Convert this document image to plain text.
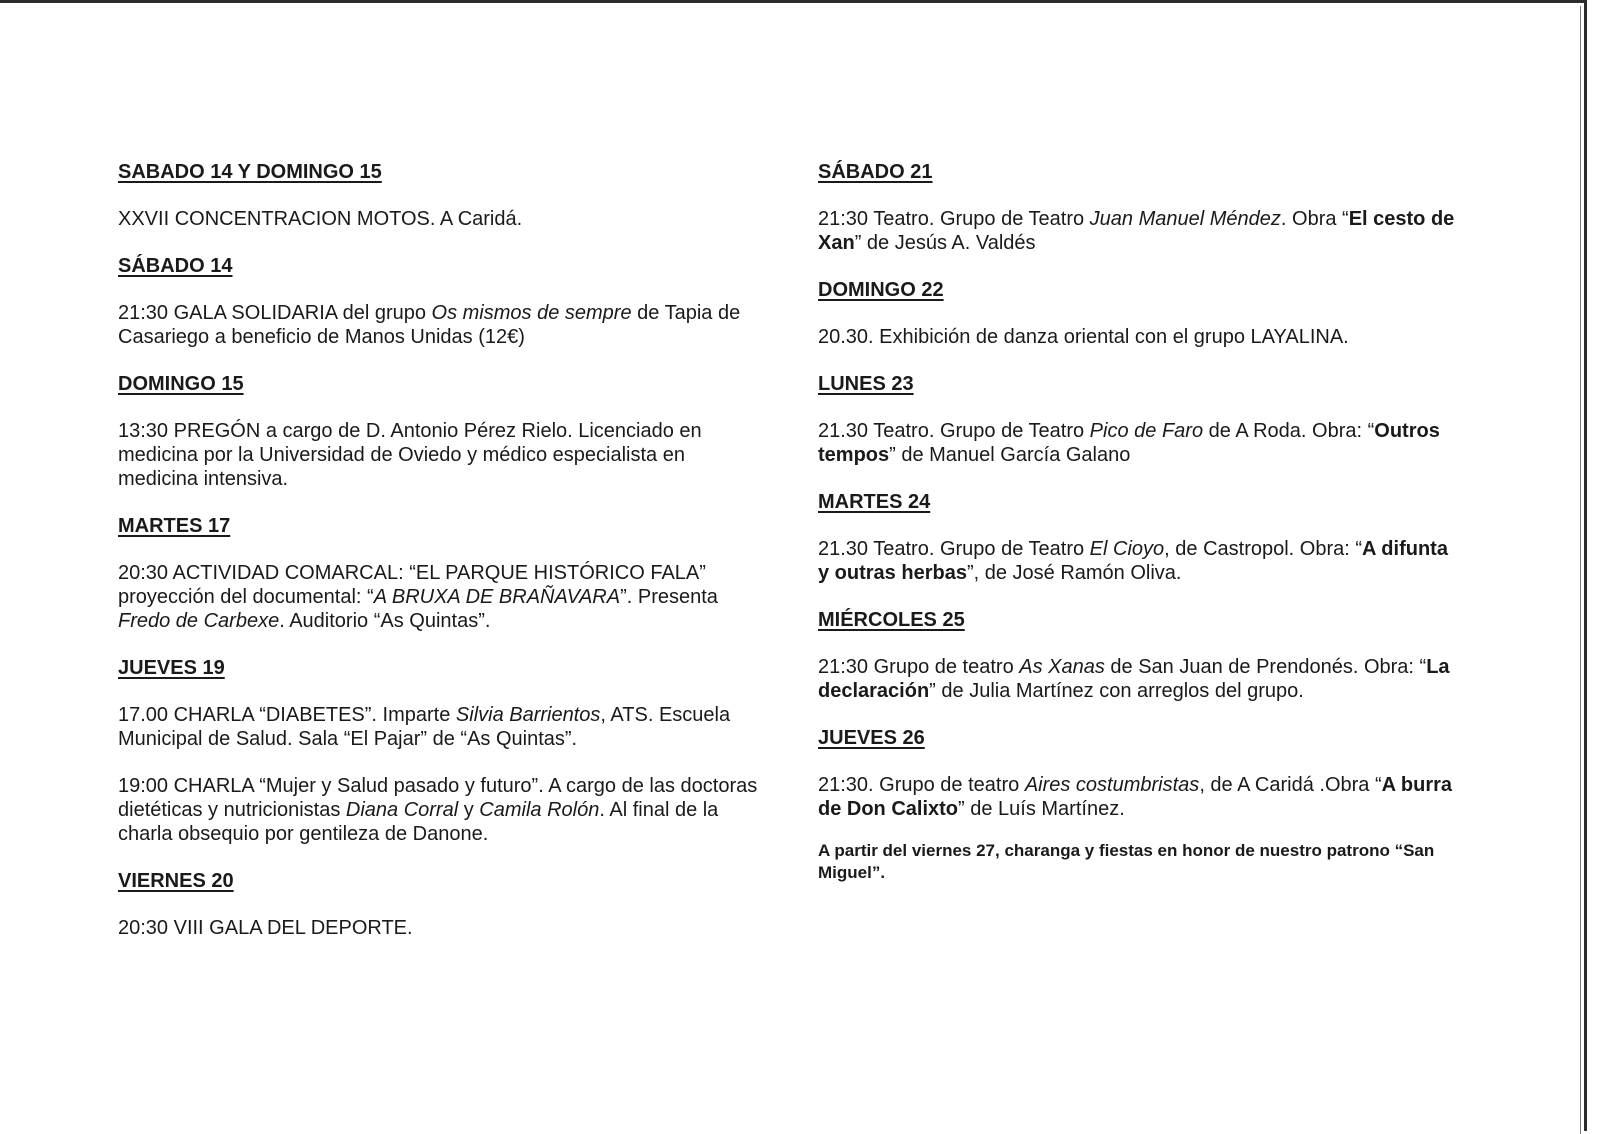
SABADO 14 Y DOMINGO 15
XXVII CONCENTRACION MOTOS. A Caridá.
SÁBADO 14
21:30 GALA SOLIDARIA del grupo Os mismos de sempre de Tapia de Casariego a beneficio de Manos Unidas (12€)
DOMINGO 15
13:30 PREGÓN a cargo de D. Antonio Pérez Rielo. Licenciado en medicina por la Universidad de Oviedo y médico especialista en medicina intensiva.
MARTES 17
20:30 ACTIVIDAD COMARCAL: “EL PARQUE HISTÓRICO FALA” proyección del documental: “A BRUXA DE BRAÑAVARA”. Presenta Fredo de Carbexe. Auditorio “As Quintas”.
JUEVES 19
17.00 CHARLA “DIABETES”. Imparte Silvia Barrientos, ATS. Escuela Municipal de Salud. Sala “El Pajar” de “As Quintas”.
19:00 CHARLA “Mujer y Salud pasado y futuro”. A cargo de las doctoras dietéticas y nutricionistas Diana Corral y Camila Rolón. Al final de la charla obsequio por gentileza de Danone.
VIERNES 20
20:30 VIII GALA DEL DEPORTE.
SÁBADO 21
21:30 Teatro. Grupo de Teatro Juan Manuel Méndez. Obra “El cesto de Xan” de Jesús A. Valdés
DOMINGO 22
20.30. Exhibición de danza oriental con el grupo LAYALINA.
LUNES 23
21.30 Teatro. Grupo de Teatro Pico de Faro de A Roda. Obra: “Outros tempos” de Manuel García Galano
MARTES 24
21.30 Teatro. Grupo de Teatro El Cioyo, de Castropol. Obra: “A difunta y outras herbas”, de José Ramón Oliva.
MIÉRCOLES 25
21:30 Grupo de teatro As Xanas de San Juan de Prendonés. Obra: “La declaración” de Julia Martínez con arreglos del grupo.
JUEVES 26
21:30. Grupo de teatro Aires costumbristas, de A Caridá .Obra “A burra de Don Calixto” de Luís Martínez.
A partir del viernes 27, charanga y fiestas en honor de nuestro patrono “San Miguel”.
